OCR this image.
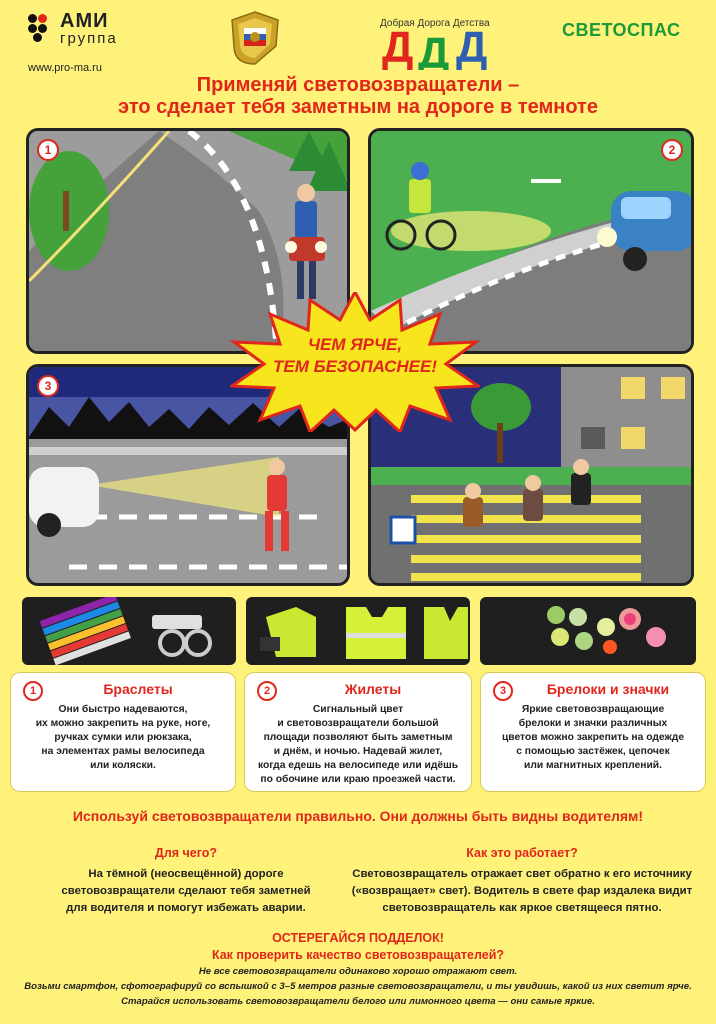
АМИ
группа
www.pro-ma.ru	Д Д Д
Добрая Дорога Детства	СВЕТОСПАС
Применяй световозвращатели –
это сделает тебя заметным на дороге в темноте
1	2
3
ЧЕМ ЯРЧЕ,
ТЕМ БЕЗОПАСНЕЕ!
1	Браслеты
Они быстро надеваются,
их можно закрепить на руке, ноге,
ручках сумки или рюкзака,
на элементах рамы велосипеда
или коляски.
2	Жилеты
Сигнальный цвет
и световозвращатели большой
площади позволяют быть заметным
и днём, и ночью. Надевай жилет,
когда едешь на велосипеде или идёшь
по обочине или краю проезжей части.
3	Брелоки и значки
Яркие световозвращающие
брелоки и значки различных
цветов можно закрепить на одежде
с помощью застёжек, цепочек
или магнитных креплений.
Используй световозвращатели правильно. Они должны быть видны водителям!
Для чего?
На тёмной (неосвещённой) дороге
световозвращатели сделают тебя заметней
для водителя и помогут избежать аварии.
Как это работает?
Световозвращатель отражает свет обратно к его источнику
(«возвращает» свет). Водитель в свете фар издалека видит
световозвращатель как яркое светящееся пятно.
ОСТЕРЕГАЙСЯ ПОДДЕЛОК!
Как проверить качество световозвращателей?
Не все световозвращатели одинаково хорошо отражают свет.
Возьми смартфон, сфотографируй со вспышкой с 3–5 метров разные световозвращатели, и ты увидишь, какой из них светит ярче.
Старайся использовать световозвращатели белого или лимонного цвета — они самые яркие.
